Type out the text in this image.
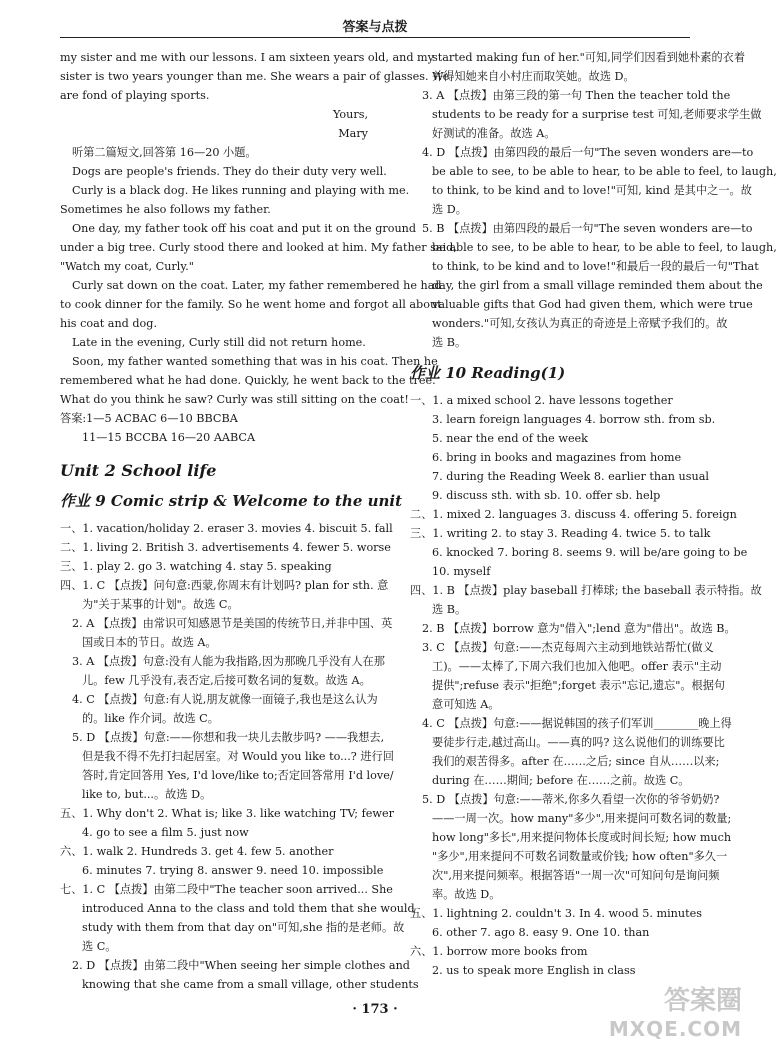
答案与点拨
my sister and me with our lessons. I am sixteen years old, and my
sister is two years younger than me. She wears a pair of glasses. We
are fond of playing sports.
Yours,
Mary
听第二篇短文,回答第 16—20 小题。
Dogs are people's friends. They do their duty very well.
Curly is a black dog. He likes running and playing with me.
Sometimes he also follows my father.
One day, my father took off his coat and put it on the ground
under a big tree. Curly stood there and looked at him. My father said,
"Watch my coat, Curly."
Curly sat down on the coat. Later, my father remembered he had
to cook dinner for the family. So he went home and forgot all about
his coat and dog.
Late in the evening, Curly still did not return home.
Soon, my father wanted something that was in his coat. Then he
remembered what he had done. Quickly, he went back to the tree.
What do you think he saw? Curly was still sitting on the coat!
答案:1—5 ACBAC 6—10 BBCBA
11—15 BCCBA 16—20 AABCA
Unit 2 School life
作业 9 Comic strip & Welcome to the unit
一、1. vacation/holiday 2. eraser 3. movies 4. biscuit 5. fall
二、1. living 2. British 3. advertisements 4. fewer 5. worse
三、1. play 2. go 3. watching 4. stay 5. speaking
四、1. C 【点拨】问句意:西蒙,你周末有计划吗? plan for sth. 意
为"关于某事的计划"。故选 C。
2. A 【点拨】由常识可知感恩节是美国的传统节日,并非中国、英
国或日本的节日。故选 A。
3. A 【点拨】句意:没有人能为我指路,因为那晚几乎没有人在那
儿。few 几乎没有,表否定,后接可数名词的复数。故选 A。
4. C 【点拨】句意:有人说,朋友就像一面镜子,我也是这么认为
的。like 作介词。故选 C。
5. D 【点拨】句意:——你想和我一块儿去散步吗? ——我想去,
但是我不得不先打扫起居室。对 Would you like to...? 进行回
答时,肯定回答用 Yes, I'd love/like to;否定回答常用 I'd love/
like to, but...。故选 D。
五、1. Why don't 2. What is; like 3. like watching TV; fewer
4. go to see a film 5. just now
六、1. walk 2. Hundreds 3. get 4. few 5. another
6. minutes 7. trying 8. answer 9. need 10. impossible
七、1. C 【点拨】由第二段中"The teacher soon arrived... She
introduced Anna to the class and told them that she would
study with them from that day on"可知,she 指的是老师。故
选 C。
2. D 【点拨】由第二段中"When seeing her simple clothes and
knowing that she came from a small village, other students
started making fun of her."可知,同学们因看到她朴素的衣着
并得知她来自小村庄而取笑她。故选 D。
3. A 【点拨】由第三段的第一句 Then the teacher told the
students to be ready for a surprise test 可知,老师要求学生做
好测试的准备。故选 A。
4. D 【点拨】由第四段的最后一句"The seven wonders are—to
be able to see, to be able to hear, to be able to feel, to laugh,
to think, to be kind and to love!"可知, kind 是其中之一。故
选 D。
5. B 【点拨】由第四段的最后一句"The seven wonders are—to
be able to see, to be able to hear, to be able to feel, to laugh,
to think, to be kind and to love!"和最后一段的最后一句"That
day, the girl from a small village reminded them about the
valuable gifts that God had given them, which were true
wonders."可知,女孩认为真正的奇迹是上帝赋予我们的。故
选 B。
作业 10 Reading(1)
一、1. a mixed school 2. have lessons together
3. learn foreign languages 4. borrow sth. from sb.
5. near the end of the week
6. bring in books and magazines from home
7. during the Reading Week 8. earlier than usual
9. discuss sth. with sb. 10. offer sb. help
二、1. mixed 2. languages 3. discuss 4. offering 5. foreign
三、1. writing 2. to stay 3. Reading 4. twice 5. to talk
6. knocked 7. boring 8. seems 9. will be/are going to be
10. myself
四、1. B 【点拨】play baseball 打棒球; the baseball 表示特指。故
选 B。
2. B 【点拨】borrow 意为"借入";lend 意为"借出"。故选 B。
3. C 【点拨】句意:——杰克每周六主动到地铁站帮忙(做义
工)。——太棒了,下周六我们也加入他吧。offer 表示"主动
提供";refuse 表示"拒绝";forget 表示"忘记,遗忘"。根据句
意可知选 A。
4. C 【点拨】句意:——据说韩国的孩子们军训________晚上得
要徒步行走,越过高山。——真的吗? 这么说他们的训练要比
我们的艰苦得多。after 在……之后; since 自从……以来;
during 在……期间; before 在……之前。故选 C。
5. D 【点拨】句意:——蒂米,你多久看望一次你的爷爷奶奶?
——一周一次。how many"多少",用来提问可数名词的数量;
how long"多长",用来提问物体长度或时间长短; how much
"多少",用来提问不可数名词数量或价钱; how often"多久一
次",用来提问频率。根据答语"一周一次"可知问句是询问频
率。故选 D。
五、1. lightning 2. couldn't 3. In 4. wood 5. minutes
6. other 7. ago 8. easy 9. One 10. than
六、1. borrow more books from
2. us to speak more English in class
· 173 ·	答案圈
MXQE.COM
